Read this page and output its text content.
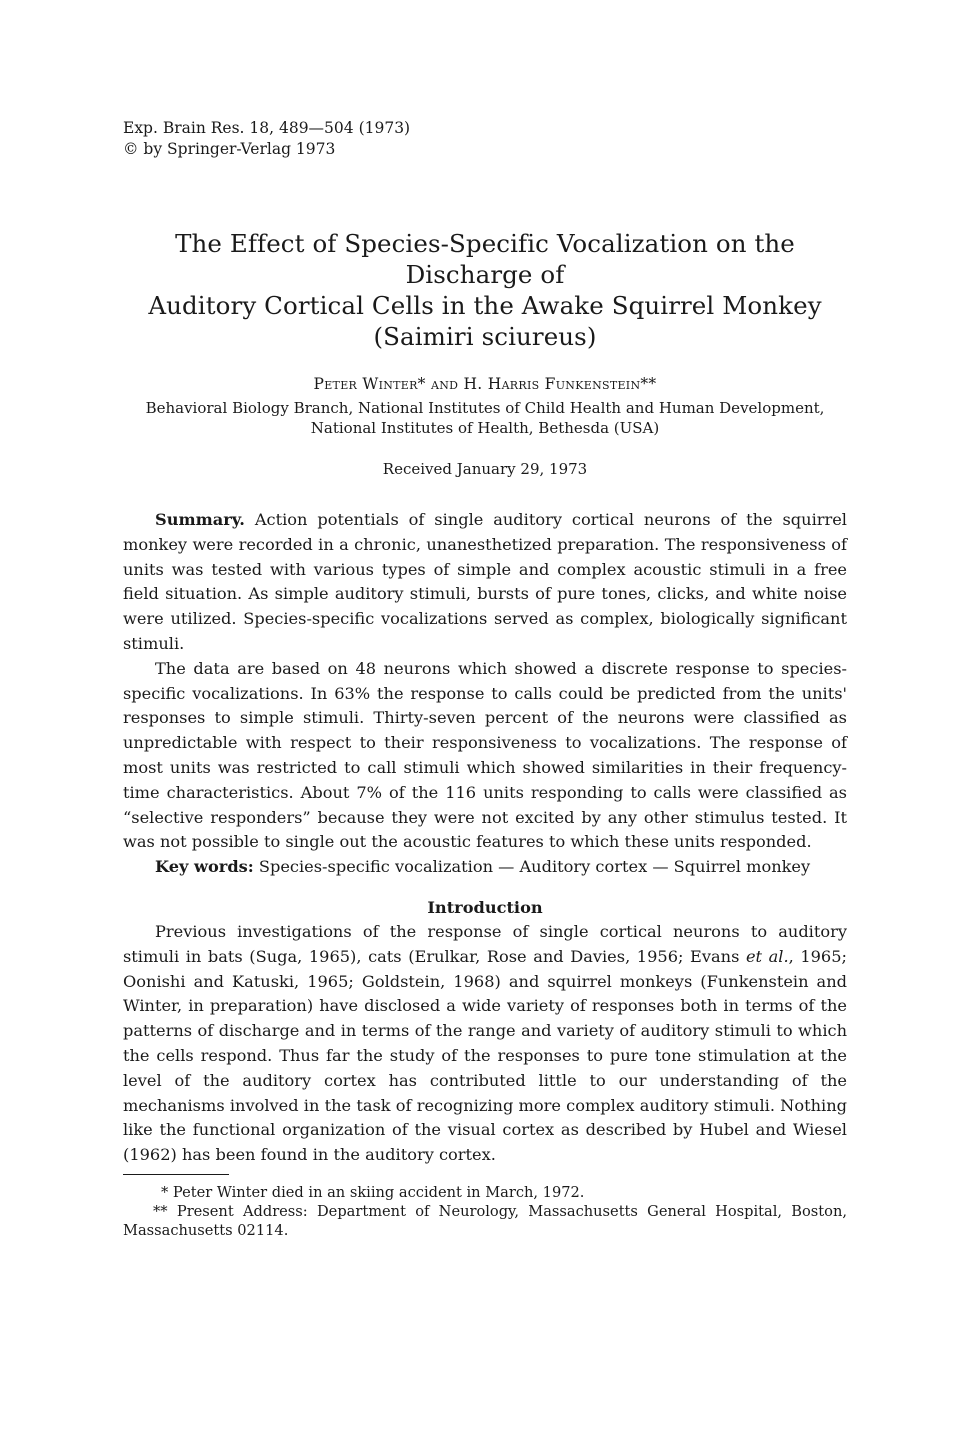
Exp. Brain Res. 18, 489—504 (1973)
© by Springer-Verlag 1973
The Effect of Species-Specific Vocalization on the Discharge of
Auditory Cortical Cells in the Awake Squirrel Monkey
(Saimiri sciureus)
Peter Winter* and H. Harris Funkenstein**
Behavioral Biology Branch, National Institutes of Child Health and Human Development,
National Institutes of Health, Bethesda (USA)
Received January 29, 1973

Summary. Action potentials of single auditory cortical neurons of the squirrel monkey were recorded in a chronic, unanesthetized preparation. The responsiveness of units was tested with various types of simple and complex acoustic stimuli in a free field situation. As simple auditory stimuli, bursts of pure tones, clicks, and white noise were utilized. Species-specific vocalizations served as complex, biologically significant stimuli.

The data are based on 48 neurons which showed a discrete response to species-specific vocalizations. In 63% the response to calls could be predicted from the units' responses to simple stimuli. Thirty-seven percent of the neurons were classified as unpredictable with respect to their responsiveness to vocalizations. The response of most units was restricted to call stimuli which showed similarities in their frequency-time characteristics. About 7% of the 116 units responding to calls were classified as “selective responders” because they were not excited by any other stimulus tested. It was not possible to single out the acoustic features to which these units responded.

Key words: Species-specific vocalization — Auditory cortex — Squirrel monkey

Introduction

Previous investigations of the response of single cortical neurons to auditory stimuli in bats (Suga, 1965), cats (Erulkar, Rose and Davies, 1956; Evans et al., 1965; Oonishi and Katuski, 1965; Goldstein, 1968) and squirrel monkeys (Funkenstein and Winter, in preparation) have disclosed a wide variety of responses both in terms of the patterns of discharge and in terms of the range and variety of auditory stimuli to which the cells respond. Thus far the study of the responses to pure tone stimulation at the level of the auditory cortex has contributed little to our understanding of the mechanisms involved in the task of recognizing more complex auditory stimuli. Nothing like the functional organization of the visual cortex as described by Hubel and Wiesel (1962) has been found in the auditory cortex.

* Peter Winter died in an skiing accident in March, 1972.

** Present Address: Department of Neurology, Massachusetts General Hospital, Boston, Massachusetts 02114.
